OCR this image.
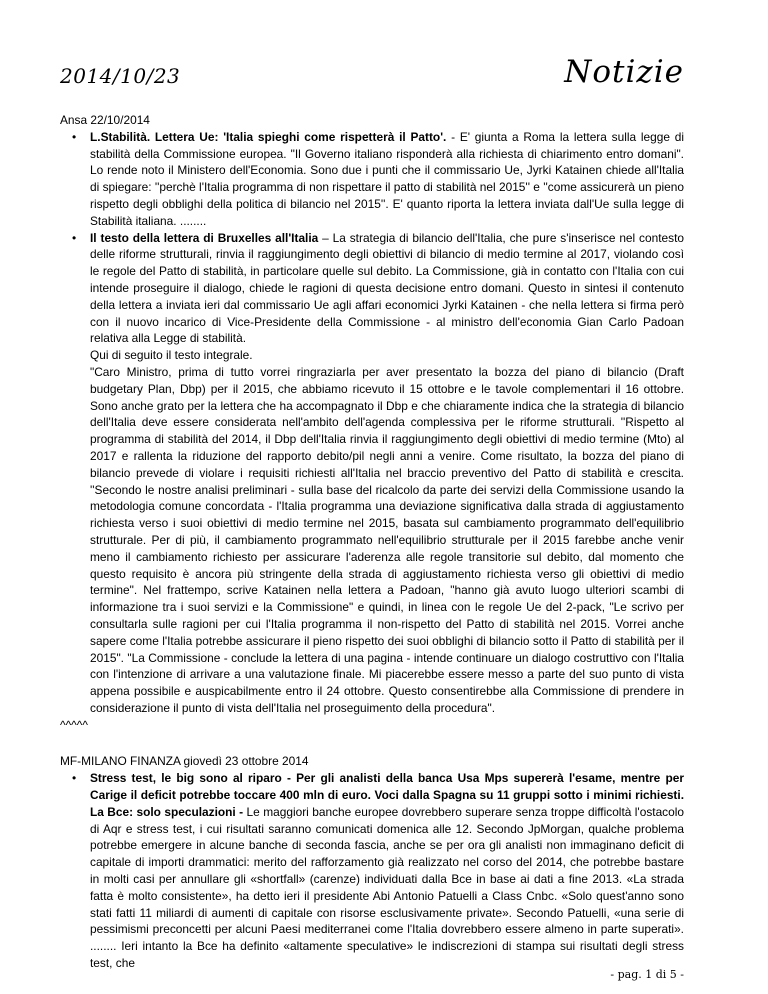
2014/10/23	Notizie

Ansa 22/10/2014

• L.Stabilità. Lettera Ue: 'Italia spieghi come rispetterà il Patto'. - E' giunta a Roma la lettera sulla legge di stabilità della Commissione europea. "Il Governo italiano risponderà alla richiesta di chiarimento entro domani". Lo rende noto il Ministero dell'Economia. Sono due i punti che il commissario Ue, Jyrki Katainen chiede all'Italia di spiegare: ''perchè l'Italia programma di non rispettare il patto di stabilità nel 2015'' e ''come assicurerà un pieno rispetto degli obblighi della politica di bilancio nel 2015''. E' quanto riporta la lettera inviata dall'Ue sulla legge di Stabilità italiana. ........
• Il testo della lettera di Bruxelles all'Italia – La strategia di bilancio dell'Italia, che pure s'inserisce nel contesto delle riforme strutturali, rinvia il raggiungimento degli obiettivi di bilancio di medio termine al 2017, violando così le regole del Patto di stabilità, in particolare quelle sul debito. La Commissione, già in contatto con l'Italia con cui intende proseguire il dialogo, chiede le ragioni di questa decisione entro domani. Questo in sintesi il contenuto della lettera a inviata ieri dal commissario Ue agli affari economici Jyrki Katainen - che nella lettera si firma però con il nuovo incarico di Vice-Presidente della Commissione - al ministro dell'economia Gian Carlo Padoan relativa alla Legge di stabilità.
Qui di seguito il testo integrale.
"Caro Ministro, prima di tutto vorrei ringraziarla per aver presentato la bozza del piano di bilancio (Draft budgetary Plan, Dbp) per il 2015, che abbiamo ricevuto il 15 ottobre e le tavole complementari il 16 ottobre. Sono anche grato per la lettera che ha accompagnato il Dbp e che chiaramente indica che la strategia di bilancio dell'Italia deve essere considerata nell'ambito dell'agenda complessiva per le riforme strutturali. ''Rispetto al programma di stabilità del 2014, il Dbp dell'Italia rinvia il raggiungimento degli obiettivi di medio termine (Mto) al 2017 e rallenta la riduzione del rapporto debito/pil negli anni a venire. Come risultato, la bozza del piano di bilancio prevede di violare i requisiti richiesti all'Italia nel braccio preventivo del Patto di stabilità e crescita. ''Secondo le nostre analisi preliminari - sulla base del ricalcolo da parte dei servizi della Commissione usando la metodologia comune concordata - l'Italia programma una deviazione significativa dalla strada di aggiustamento richiesta verso i suoi obiettivi di medio termine nel 2015, basata sul cambiamento programmato dell'equilibrio strutturale. Per di più, il cambiamento programmato nell'equilibrio strutturale per il 2015 farebbe anche venir meno il cambiamento richiesto per assicurare l'aderenza alle regole transitorie sul debito, dal momento che questo requisito è ancora più stringente della strada di aggiustamento richiesta verso gli obiettivi di medio termine". Nel frattempo, scrive Katainen nella lettera a Padoan, "hanno già avuto luogo ulteriori scambi di informazione tra i suoi servizi e la Commissione" e quindi, in linea con le regole Ue del 2-pack, "Le scrivo per consultarla sulle ragioni per cui l'Italia programma il non-rispetto del Patto di stabilità nel 2015. Vorrei anche sapere come l'Italia potrebbe assicurare il pieno rispetto dei suoi obblighi di bilancio sotto il Patto di stabilità per il 2015". "La Commissione - conclude la lettera di una pagina - intende continuare un dialogo costruttivo con l'Italia con l'intenzione di arrivare a una valutazione finale. Mi piacerebbe essere messo a parte del suo punto di vista appena possibile e auspicabilmente entro il 24 ottobre. Questo consentirebbe alla Commissione di prendere in considerazione il punto di vista dell'Italia nel proseguimento della procedura".

^^^^^

MF-MILANO FINANZA giovedì 23 ottobre 2014

• Stress test, le big sono al riparo - Per gli analisti della banca Usa Mps supererà l'esame, mentre per Carige il deficit potrebbe toccare 400 mln di euro. Voci dalla Spagna su 11 gruppi sotto i minimi richiesti. La Bce: solo speculazioni - Le maggiori banche europee dovrebbero superare senza troppe difficoltà l'ostacolo di Aqr e stress test, i cui risultati saranno comunicati domenica alle 12. Secondo JpMorgan, qualche problema potrebbe emergere in alcune banche di seconda fascia, anche se per ora gli analisti non immaginano deficit di capitale di importi drammatici: merito del rafforzamento già realizzato nel corso del 2014, che potrebbe bastare in molti casi per annullare gli «shortfall» (carenze) individuati dalla Bce in base ai dati a fine 2013. «La strada fatta è molto consistente», ha detto ieri il presidente Abi Antonio Patuelli a Class Cnbc. «Solo quest'anno sono stati fatti 11 miliardi di aumenti di capitale con risorse esclusivamente private». Secondo Patuelli, «una serie di pessimismi preconcetti per alcuni Paesi mediterranei come l'Italia dovrebbero essere almeno in parte superati». ........ Ieri intanto la Bce ha definito «altamente speculative» le indiscrezioni di stampa sui risultati degli stress test, che
- pag. 1 di 5 -
